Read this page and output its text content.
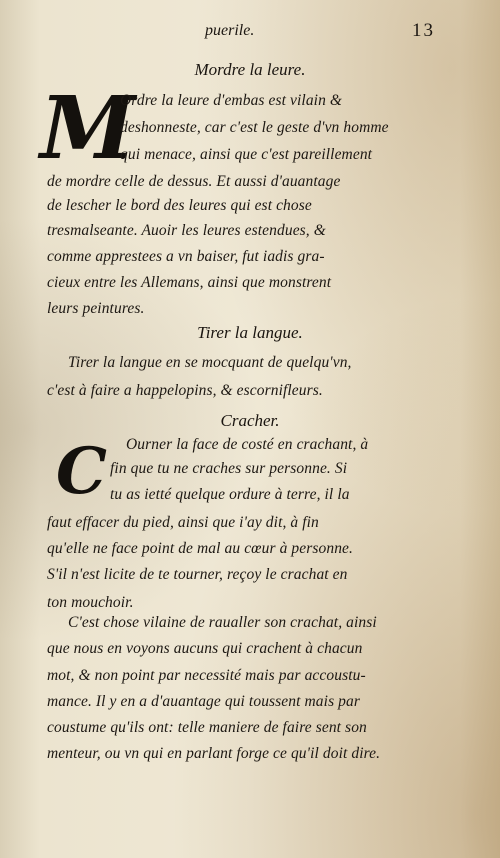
puerile.	13
Mordre la leure.
M
Ordre la leure d'embas est vilain &
deshonneste, car c'est le geste d'vn homme
qui menace, ainsi que c'est pareillement
de mordre celle de dessus. Et aussi d'auantage
de lescher le bord des leures qui est chose
tresmalseante. Auoir les leures estendues, &
comme apprestees a vn baiser, fut iadis gra-
cieux entre les Allemans, ainsi que monstrent
leurs peintures.
Tirer la langue.
Tirer la langue en se mocquant de quelqu'vn,
c'est à faire a happelopins, & escornifleurs.
Cracher.
C Ourner la face de costé en crachant, à
fin que tu ne craches sur personne. Si
tu as ietté quelque ordure à terre, il la
faut effacer du pied, ainsi que i'ay dit, à fin
qu'elle ne face point de mal au cœur à personne.
S'il n'est licite de te tourner, reçoy le crachat en
ton mouchoir.
C'est chose vilaine de raualler son crachat, ainsi
que nous en voyons aucuns qui crachent à chacun
mot, & non point par necessité mais par accoustu-
mance. Il y en a d'auantage qui toussent mais par
coustume qu'ils ont: telle maniere de faire sent son
menteur, ou vn qui en parlant forge ce qu'il doit dire.
